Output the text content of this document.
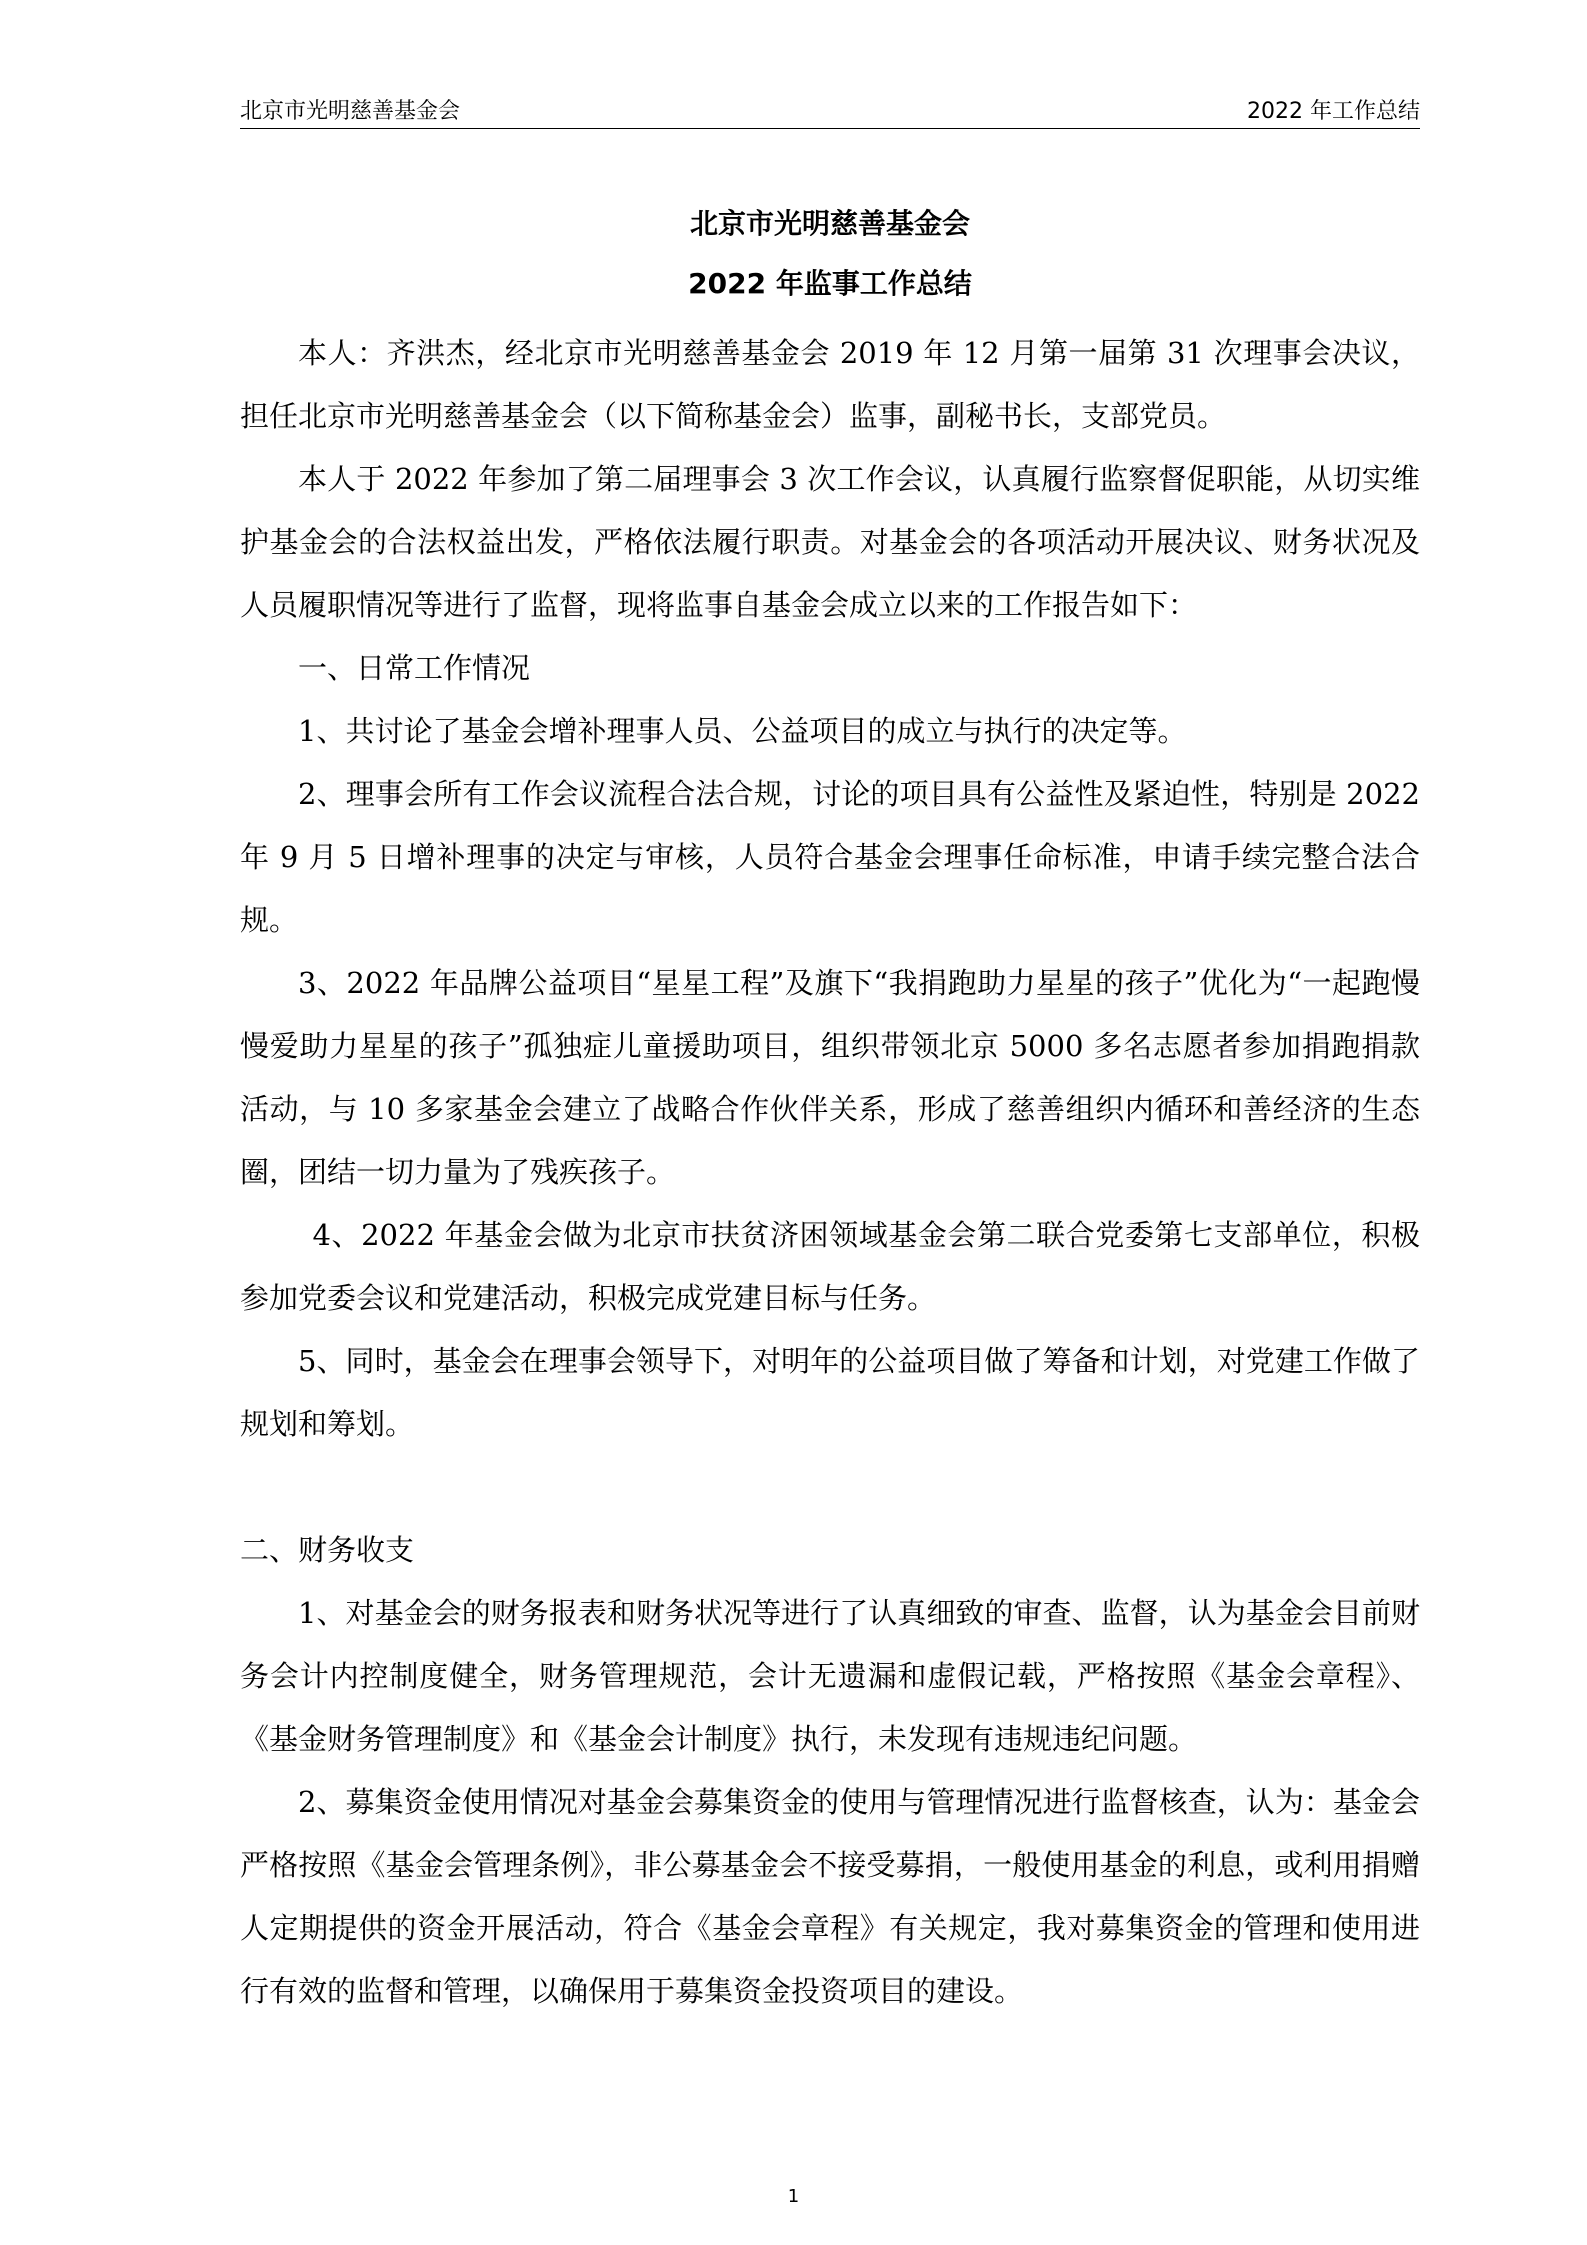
北京市光明慈善基金会	2022 年工作总结
北京市光明慈善基金会
2022 年监事工作总结

本人：齐洪杰，经北京市光明慈善基金会 2019 年 12 月第一届第 31 次理事会决议，担任北京市光明慈善基金会（以下简称基金会）监事，副秘书长，支部党员。

本人于 2022 年参加了第二届理事会 3 次工作会议，认真履行监察督促职能，从切实维护基金会的合法权益出发，严格依法履行职责。对基金会的各项活动开展决议、财务状况及人员履职情况等进行了监督，现将监事自基金会成立以来的工作报告如下：

一、日常工作情况

1、共讨论了基金会增补理事人员、公益项目的成立与执行的决定等。

2、理事会所有工作会议流程合法合规，讨论的项目具有公益性及紧迫性，特别是 2022 年 9 月 5 日增补理事的决定与审核，人员符合基金会理事任命标准，申请手续完整合法合规。

3、2022 年品牌公益项目“星星工程”及旗下“我捐跑助力星星的孩子”优化为“一起跑慢慢爱助力星星的孩子”孤独症儿童援助项目，组织带领北京 5000 多名志愿者参加捐跑捐款活动，与 10 多家基金会建立了战略合作伙伴关系，形成了慈善组织内循环和善经济的生态圈，团结一切力量为了残疾孩子。

4、2022 年基金会做为北京市扶贫济困领域基金会第二联合党委第七支部单位，积极参加党委会议和党建活动，积极完成党建目标与任务。

5、同时，基金会在理事会领导下，对明年的公益项目做了筹备和计划，对党建工作做了规划和筹划。

二、财务收支

1、对基金会的财务报表和财务状况等进行了认真细致的审查、监督，认为基金会目前财务会计内控制度健全，财务管理规范，会计无遗漏和虚假记载，严格按照《基金会章程》、《基金财务管理制度》和《基金会计制度》执行，未发现有违规违纪问题。

2、募集资金使用情况对基金会募集资金的使用与管理情况进行监督核查，认为：基金会严格按照《基金会管理条例》，非公募基金会不接受募捐，一般使用基金的利息，或利用捐赠人定期提供的资金开展活动，符合《基金会章程》有关规定，我对募集资金的管理和使用进行有效的监督和管理，以确保用于募集资金投资项目的建设。

1
